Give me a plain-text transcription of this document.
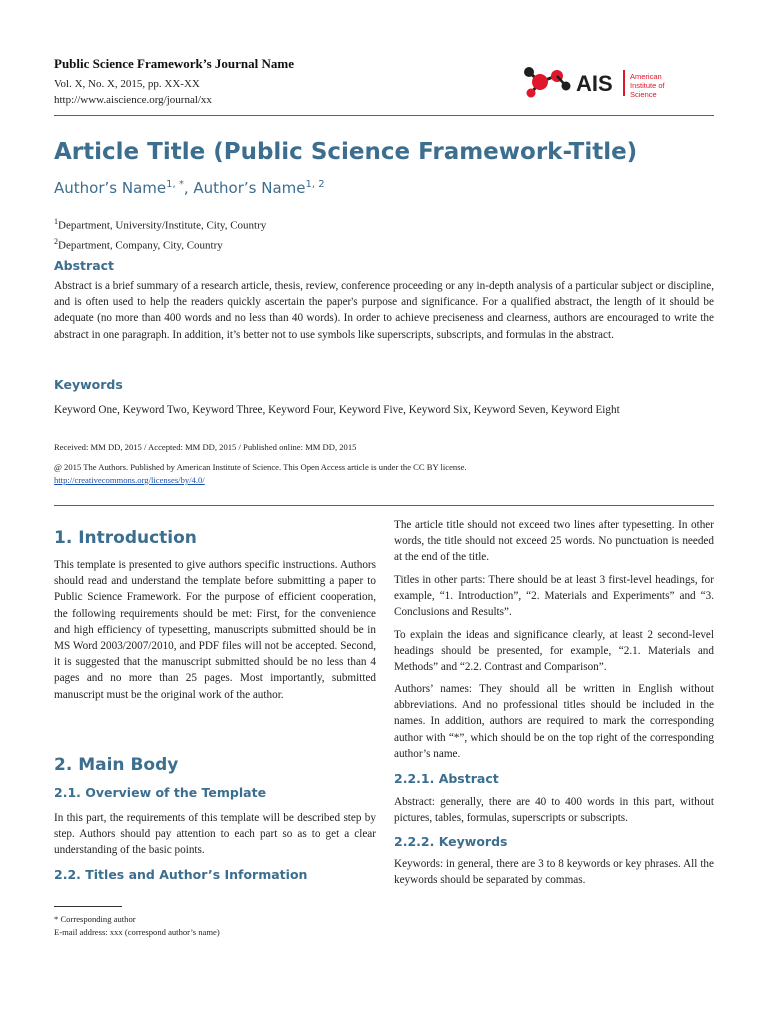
Public Science Framework’s Journal Name
Vol. X, No. X, 2015, pp. XX-XX
http://www.aiscience.org/journal/xx
AIS American
Institute of
Science
Article Title (Public Science Framework-Title)
Author’s Name$^{1, *}$, Author’s Name$^{1, 2}$
$^1$Department, University/Institute, City, Country
$^2$Department, Company, City, Country
Abstract
Abstract is a brief summary of a research article, thesis, review, conference proceeding or any in-depth analysis of a particular subject or discipline, and is often used to help the readers quickly ascertain the paper's purpose and significance. For a qualified abstract, the length of it should be adequate (no more than 400 words and no less than 40 words). In order to achieve preciseness and clearness, authors are encouraged to write the abstract in one paragraph. In addition, it’s better not to use symbols like superscripts, subscripts, and formulas in the abstract.
Keywords
Keyword One, Keyword Two, Keyword Three, Keyword Four, Keyword Five, Keyword Six, Keyword Seven, Keyword Eight
Received: MM DD, 2015 / Accepted: MM DD, 2015 / Published online: MM DD, 2015
@ 2015 The Authors. Published by American Institute of Science. This Open Access article is under the CC BY license.
http://creativecommons.org/licenses/by/4.0/
1. Introduction
This template is presented to give authors specific instructions. Authors should read and understand the template before submitting a paper to Public Science Framework. For the purpose of efficient cooperation, the following requirements should be met: First, for the convenience and high efficiency of typesetting, manuscripts submitted should be in MS Word 2003/2007/2010, and PDF files will not be accepted. Second, it is suggested that the manuscript submitted should be no less than 4 pages and no more than 25 pages. Most importantly, submitted manuscript must be the original work of the author.
2. Main Body
2.1. Overview of the Template
In this part, the requirements of this template will be described step by step. Authors should pay attention to each part so as to get a clear understanding of the basic points.
2.2. Titles and Author’s Information
The article title should not exceed two lines after typesetting. In other words, the title should not exceed 25 words. No punctuation is needed at the end of the title.
Titles in other parts: There should be at least 3 first-level headings, for example, “1. Introduction”, “2. Materials and Experiments” and “3. Conclusions and Results”.
To explain the ideas and significance clearly, at least 2 second-level headings should be presented, for example, “2.1. Materials and Methods” and “2.2. Contrast and Comparison”.
Authors’ names: They should all be written in English without abbreviations. And no professional titles should be included in the names. In addition, authors are required to mark the corresponding author with “*”, which should be on the top right of the corresponding author’s name.
2.2.1. Abstract
Abstract: generally, there are 40 to 400 words in this part, without pictures, tables, formulas, superscripts or subscripts.
2.2.2. Keywords
Keywords: in general, there are 3 to 8 keywords or key phrases. All the keywords should be separated by commas.
* Corresponding author
E-mail address: xxx (correspond author’s name)
